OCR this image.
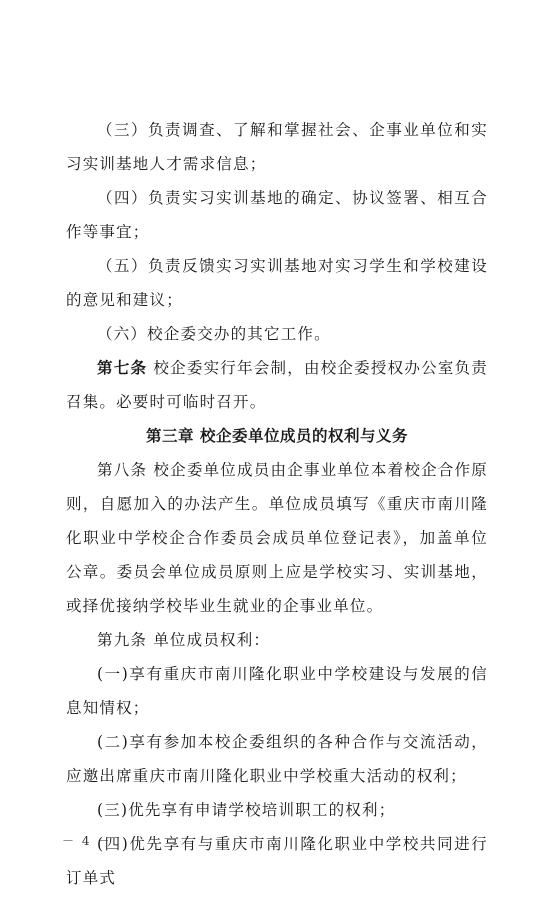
（三）负责调查、了解和掌握社会、企事业单位和实习实训基地人才需求信息；

（四）负责实习实训基地的确定、协议签署、相互合作等事宜；

（五）负责反馈实习实训基地对实习学生和学校建设的意见和建议；

（六）校企委交办的其它工作。

第七条 校企委实行年会制，由校企委授权办公室负责召集。必要时可临时召开。

第三章 校企委单位成员的权利与义务

第八条 校企委单位成员由企事业单位本着校企合作原则，自愿加入的办法产生。单位成员填写《重庆市南川隆化职业中学校企合作委员会成员单位登记表》，加盖单位公章。委员会单位成员原则上应是学校实习、实训基地，或择优接纳学校毕业生就业的企事业单位。

第九条 单位成员权利：

(一)享有重庆市南川隆化职业中学校建设与发展的信息知情权；

(二)享有参加本校企委组织的各种合作与交流活动，应邀出席重庆市南川隆化职业中学校重大活动的权利；

(三)优先享有申请学校培训职工的权利；

(四)优先享有与重庆市南川隆化职业中学校共同进行订单式

－ 4 －
